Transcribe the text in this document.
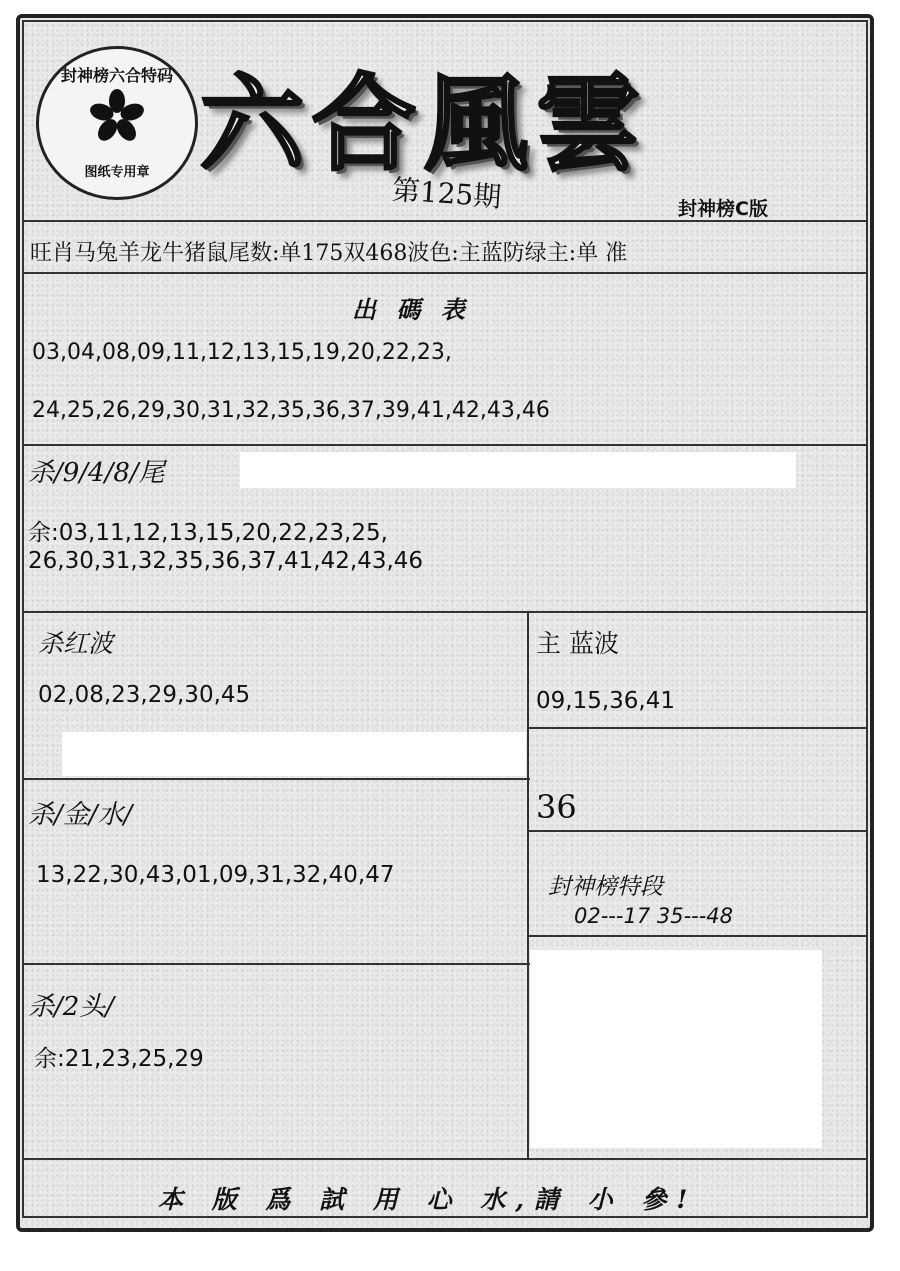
封神榜六合特码
图纸专用章 六合風雲
第125期	封神榜C版
旺肖马兔羊龙牛猪鼠尾数:单175双468波色:主蓝防绿主:单 准
出 碼 表
03,04,08,09,11,12,13,15,19,20,22,23,
24,25,26,29,30,31,32,35,36,37,39,41,42,43,46
杀/9/4/8/尾
余:03,11,12,13,15,20,22,23,25,
26,30,31,32,35,36,37,41,42,43,46
杀红波
02,08,23,29,30,45
主 蓝波
09,15,36,41
杀/金/水/
13,22,30,43,01,09,31,32,40,47
36
封神榜特段
02---17 35---48
杀/2头/
余:21,23,25,29
本 版 爲 試 用 心 水,請 小 參!
